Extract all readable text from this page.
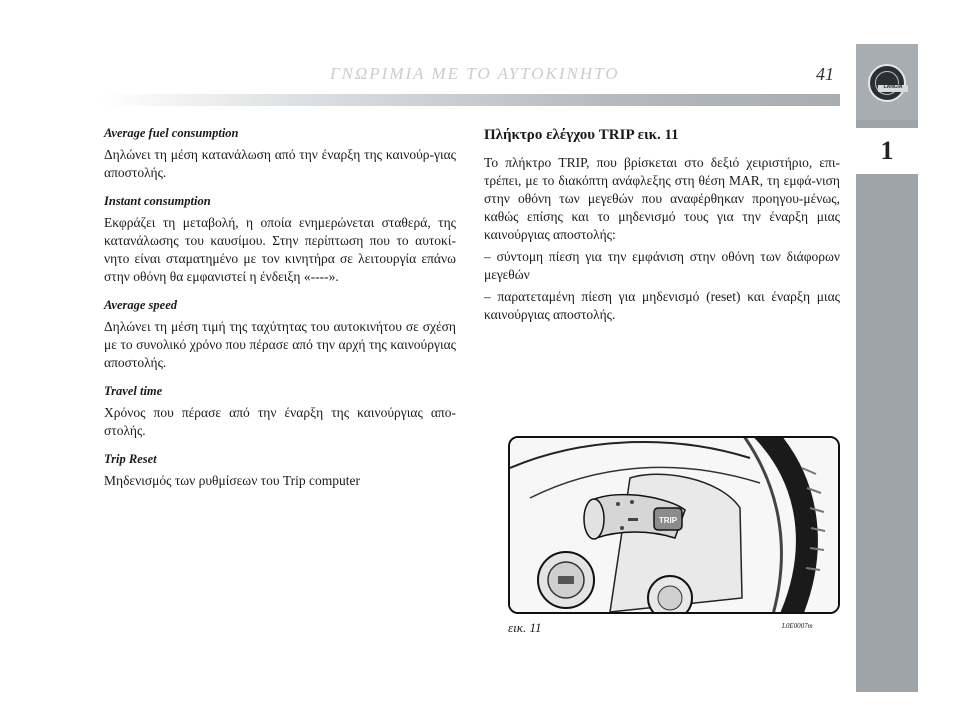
ΓΝΩΡΙΜΙΑ ΜΕ ΤΟ ΑΥΤΟΚΙΝΗΤΟ	41
LANCIA
1
Average fuel consumption
Δηλώνει τη μέση κατανάλωση από την έναρξη της καινούρ-γιας αποστολής.
Instant consumption
Εκφράζει τη μεταβολή, η οποία ενημερώνεται σταθερά, της κατανάλωσης του καυσίμου. Στην περίπτωση που το αυτοκί-νητο είναι σταματημένο με τον κινητήρα σε λειτουργία επάνω στην οθόνη θα εμφανιστεί η ένδειξη «----».
Average speed
Δηλώνει τη μέση τιμή της ταχύτητας του αυτοκινήτου σε σχέση με το συνολικό χρόνο που πέρασε από την αρχή της καινούργιας αποστολής.
Travel time
Χρόνος που πέρασε από την έναρξη της καινούργιας απο-στολής.
Trip Reset
Μηδενισμός των ρυθμίσεων του Trip computer
Πλήκτρο ελέγχου TRIP εικ. 11
Το πλήκτρο TRIP, που βρίσκεται στο δεξιό χειριστήριο, επι-τρέπει, με το διακόπτη ανάφλεξης στη θέση MAR, τη εμφά-νιση στην οθόνη των μεγεθών που αναφέρθηκαν προηγου-μένως, καθώς επίσης και το μηδενισμό τους για την έναρξη μιας καινούργιας αποστολής:
– σύντομη πίεση για την εμφάνιση στην οθόνη των διάφορων μεγεθών
– παρατεταμένη πίεση για μηδενισμό (reset) και έναρξη μιας καινούργιας αποστολής.
TRIP
εικ. 11	L0E0007m
